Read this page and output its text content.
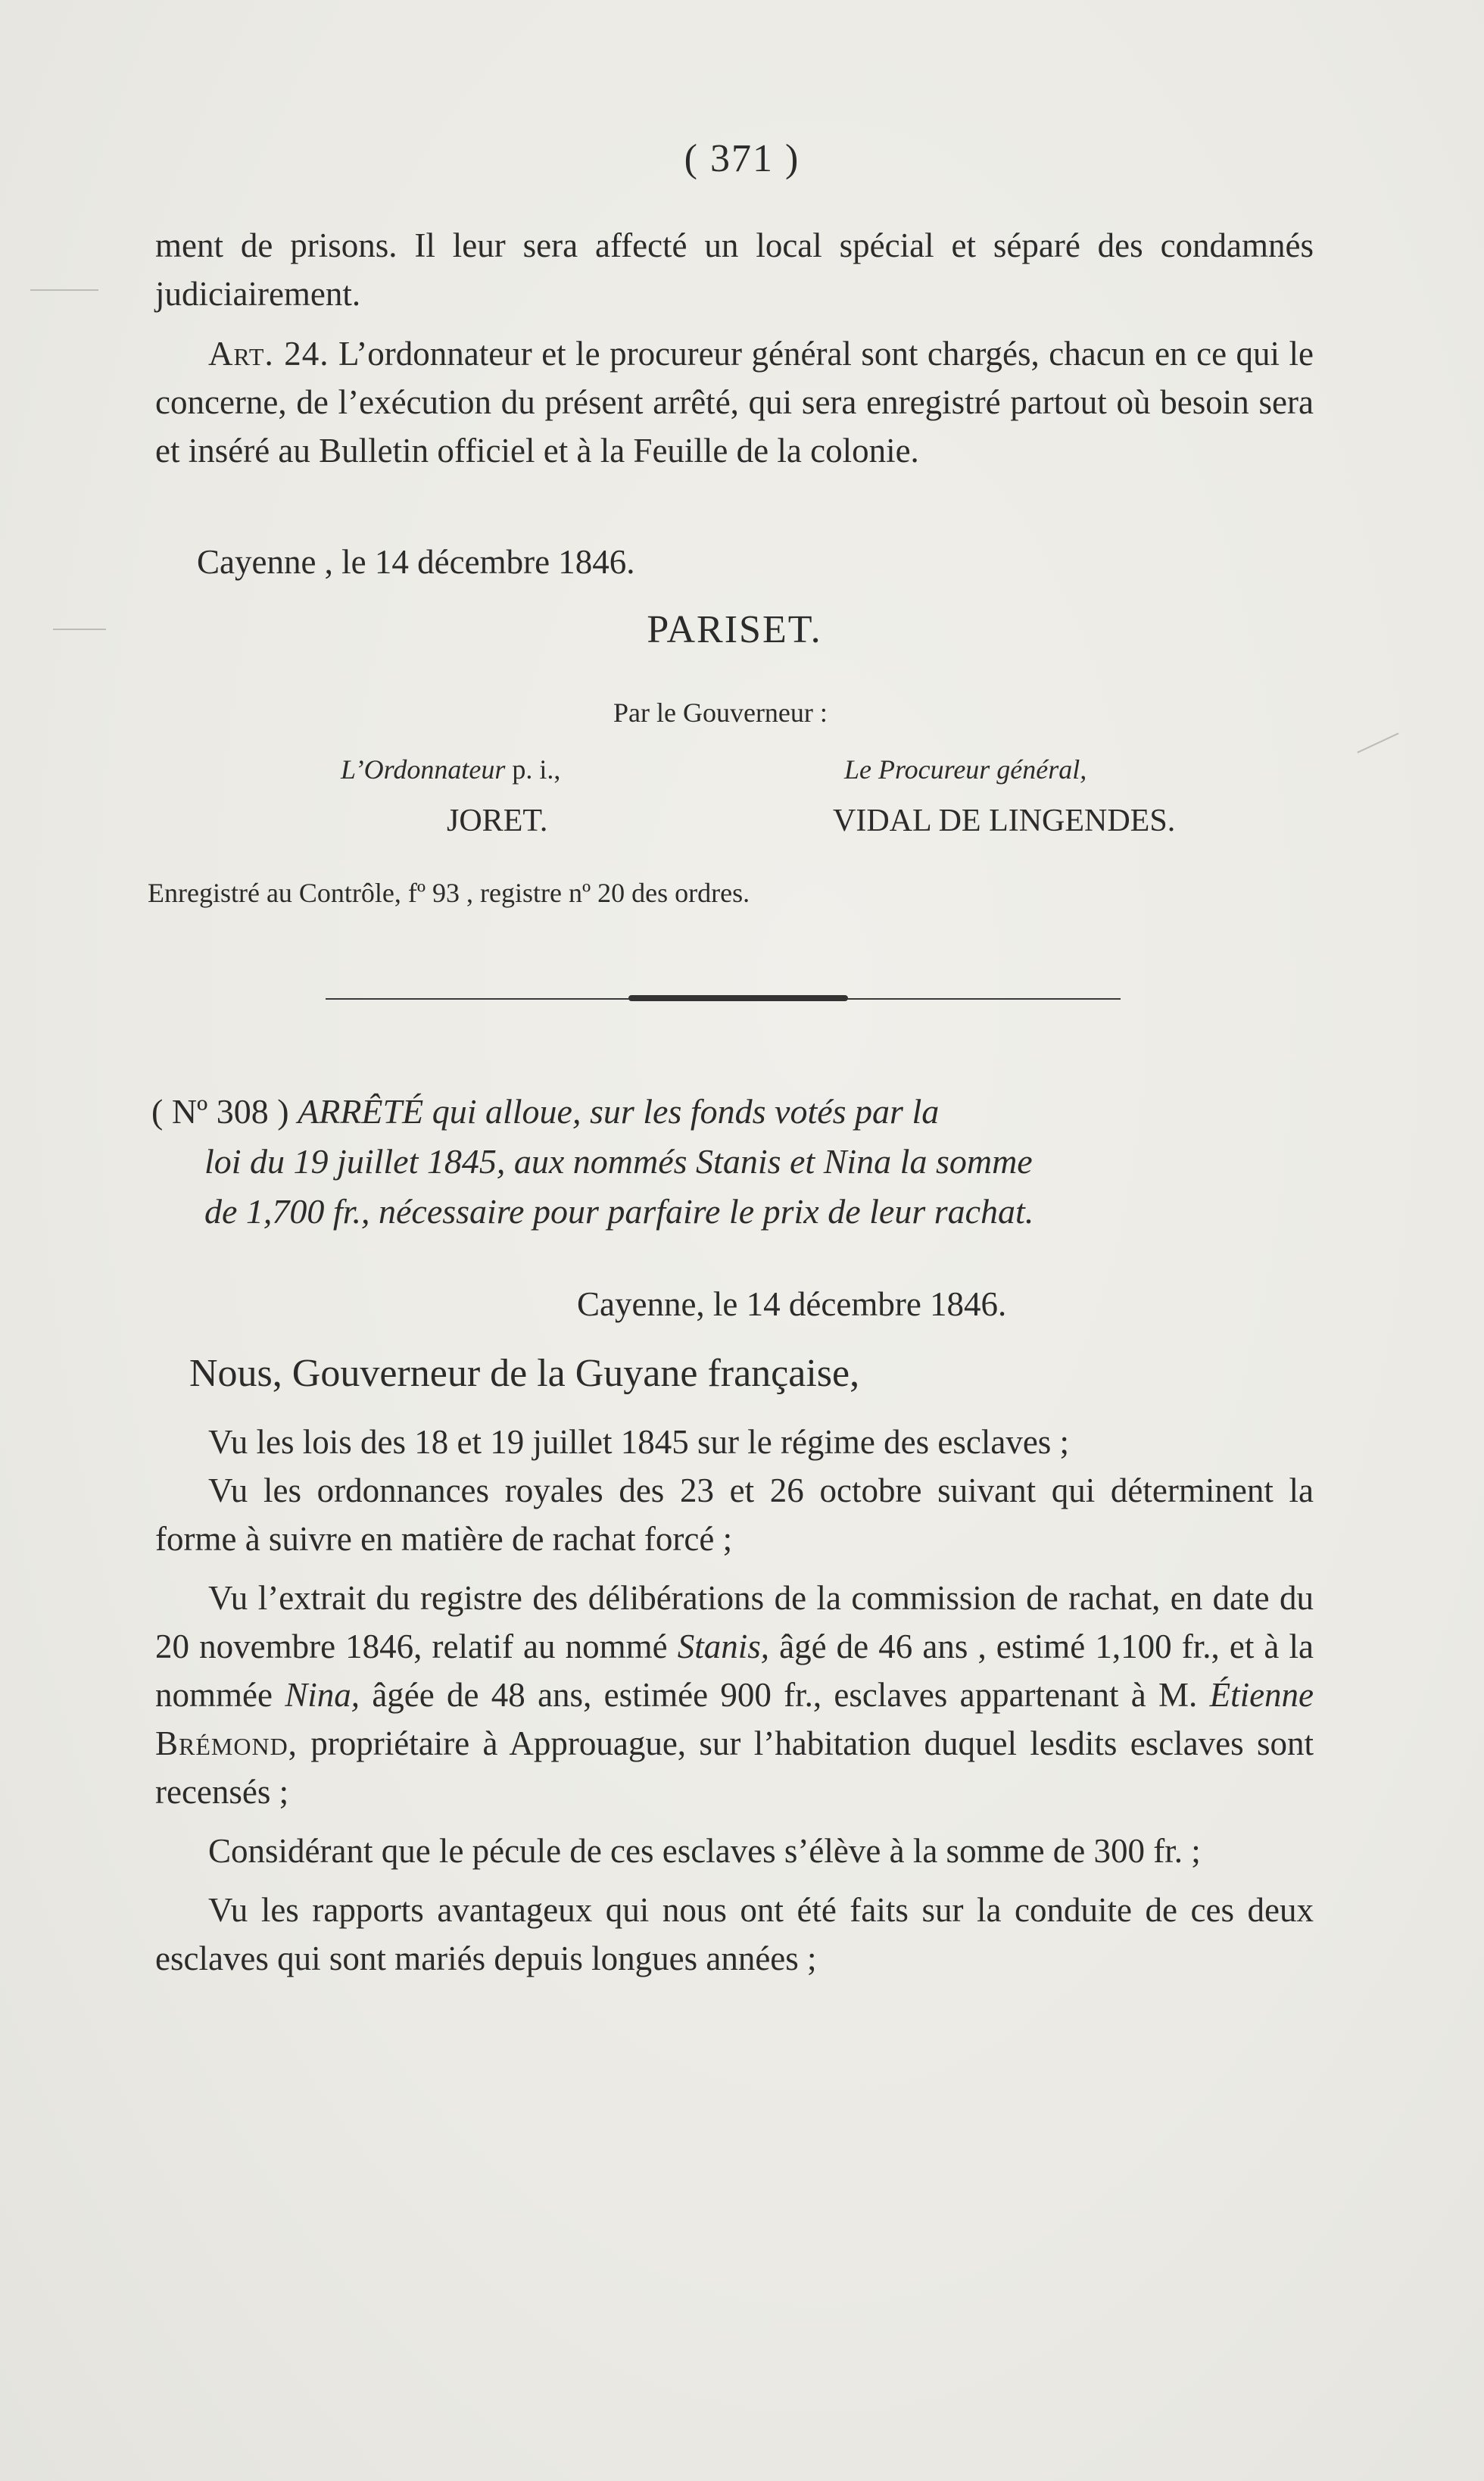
( 371 )

ment de prisons. Il leur sera affecté un local spécial et séparé des condamnés judiciairement.

Art. 24. L’ordonnateur et le procureur général sont chargés, chacun en ce qui le concerne, de l’exécution du présent arrêté, qui sera enregistré partout où besoin sera et inséré au Bulletin officiel et à la Feuille de la colonie.

Cayenne , le 14 décembre 1846.
PARISET.
Par le Gouverneur :
L’Ordonnateur p. i.,	Le Procureur général,
JORET.	VIDAL DE LINGENDES.
Enregistré au Contrôle, fº 93 , registre nº 20 des ordres.
( Nº 308 ) ARRÊTÉ qui alloue, sur les fonds votés par la
loi du 19 juillet 1845, aux nommés Stanis et Nina la somme
de 1,700 fr., nécessaire pour parfaire le prix de leur rachat.
Cayenne, le 14 décembre 1846.
Nous, Gouverneur de la Guyane française,

Vu les lois des 18 et 19 juillet 1845 sur le régime des esclaves ;

Vu les ordonnances royales des 23 et 26 octobre suivant qui déterminent la forme à suivre en matière de rachat forcé ;

Vu l’extrait du registre des délibérations de la commission de rachat, en date du 20 novembre 1846, relatif au nommé Stanis, âgé de 46 ans , estimé 1,100 fr., et à la nommée Nina, âgée de 48 ans, estimée 900 fr., esclaves appartenant à M. Étienne Brémond, propriétaire à Approuague, sur l’habitation duquel lesdits esclaves sont recensés ;

Considérant que le pécule de ces esclaves s’élève à la somme de 300 fr. ;

Vu les rapports avantageux qui nous ont été faits sur la conduite de ces deux esclaves qui sont mariés depuis longues années ;
